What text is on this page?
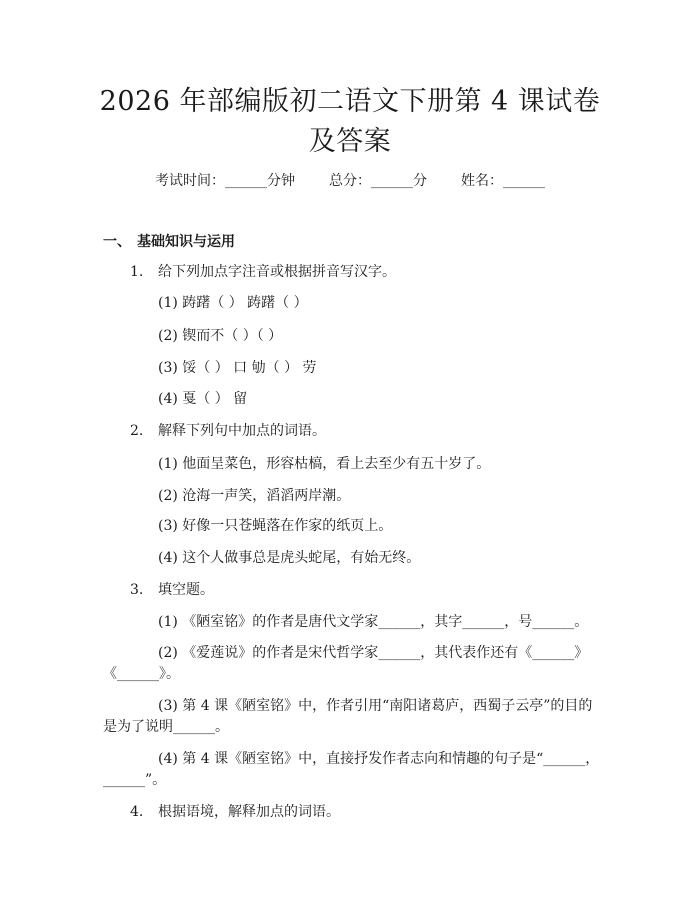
2026 年部编版初二语文下册第 4 课试卷及答案
考试时间：______分钟 总分：______分 姓名：______
一、 基础知识与运用
1. 给下列加点字注音或根据拼音写汉字。
(1) 踌躇（ ） 踌躇（ ）
(2) 锲而不（ ）（ ）
(3) 馁（ ） 口 劬（ ） 劳
(4) 戛（ ） 留
2. 解释下列句中加点的词语。
(1) 他面呈菜色，形容枯槁，看上去至少有五十岁了。
(2) 沧海一声笑，滔滔两岸潮。
(3) 好像一只苍蝇落在作家的纸页上。
(4) 这个人做事总是虎头蛇尾，有始无终。
3. 填空题。
(1) 《陋室铭》的作者是唐代文学家______，其字______，号______。
(2) 《爱莲说》的作者是宋代哲学家______，其代表作还有《______》
《______》。
(3) 第 4 课《陋室铭》中，作者引用“南阳诸葛庐，西蜀子云亭”的目的
是为了说明______。
(4) 第 4 课《陋室铭》中，直接抒发作者志向和情趣的句子是“______，
______”。
4. 根据语境，解释加点的词语。
